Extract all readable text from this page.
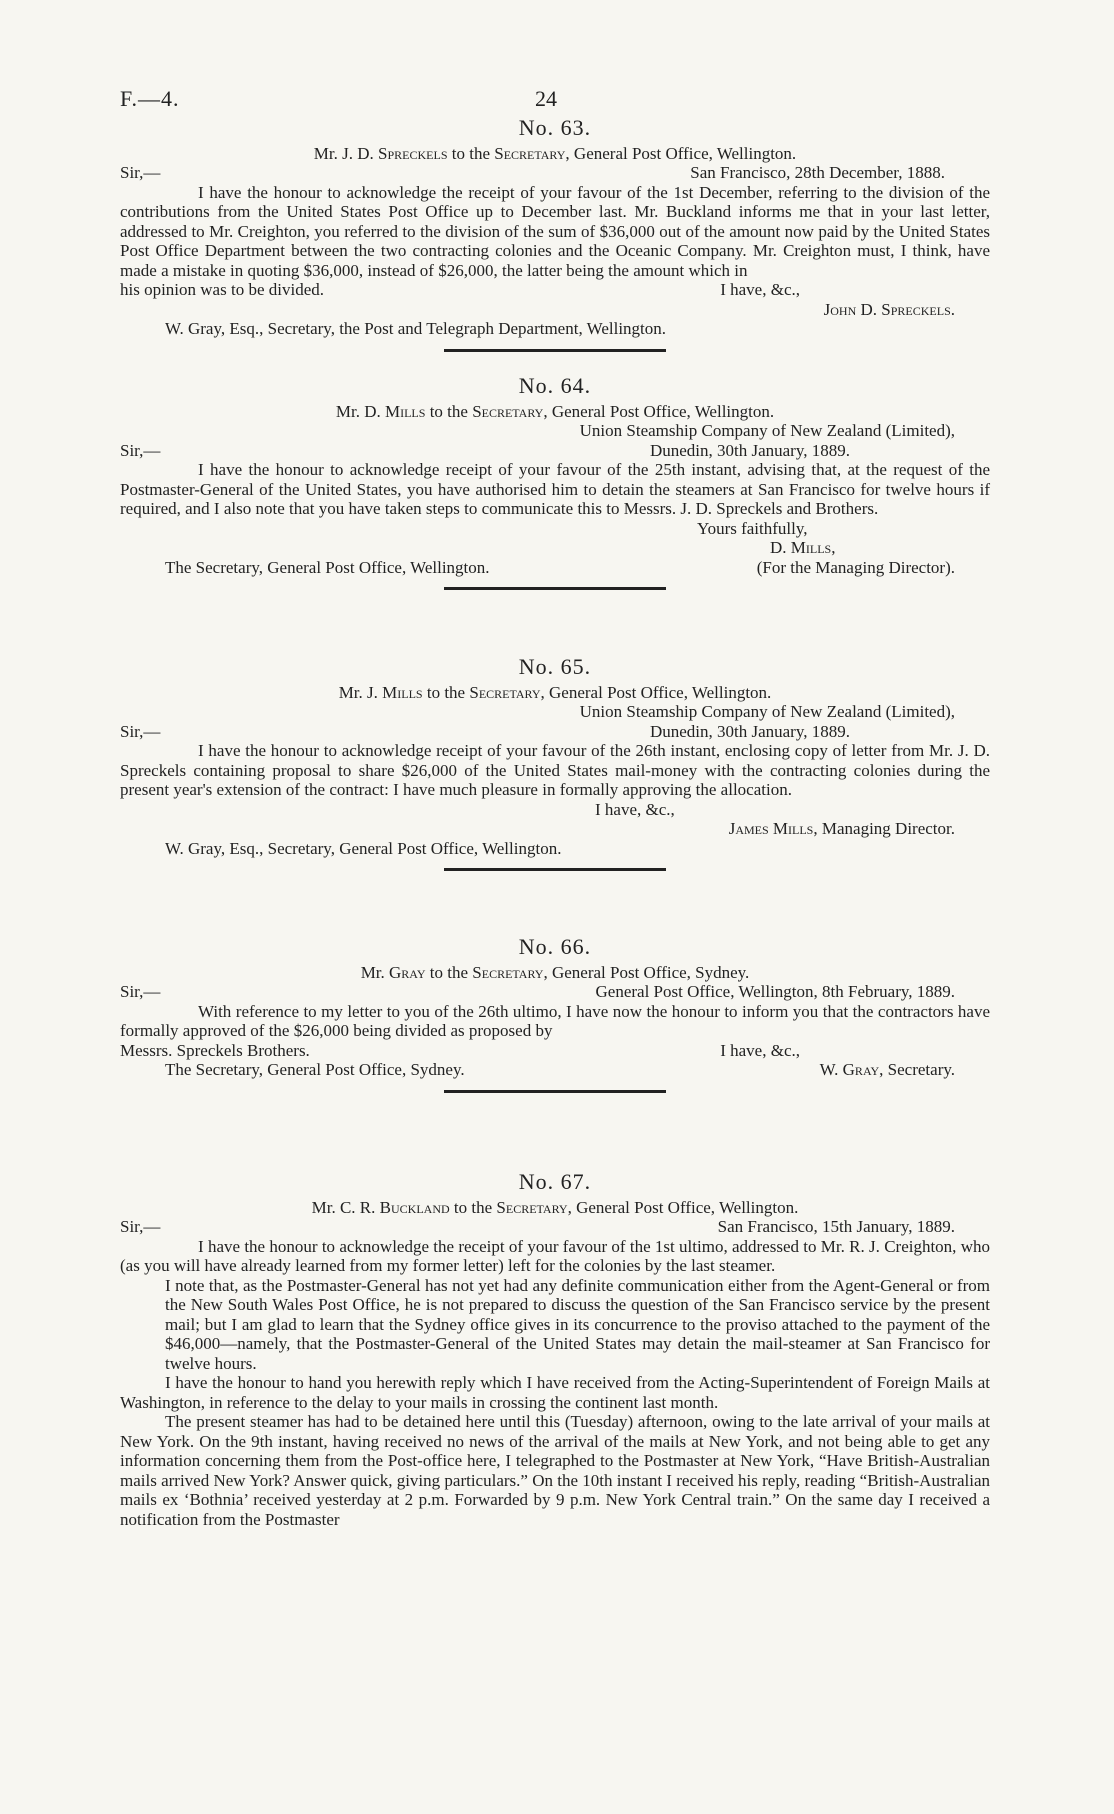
F.—4.	24
No. 63.
Mr. J. D. Spreckels to the Secretary, General Post Office, Wellington.
Sir,—	San Francisco, 28th December, 1888.

I have the honour to acknowledge the receipt of your favour of the 1st December, referring to the division of the contributions from the United States Post Office up to December last. Mr. Buckland informs me that in your last letter, addressed to Mr. Creighton, you referred to the division of the sum of $36,000 out of the amount now paid by the United States Post Office Department between the two contracting colonies and the Oceanic Company. Mr. Creighton must, I think, have made a mistake in quoting $36,000, instead of $26,000, the latter being the amount which in

his opinion was to be divided.	I have, &c.,
John D. Spreckels.
W. Gray, Esq., Secretary, the Post and Telegraph Department, Wellington.
No. 64.
Mr. D. Mills to the Secretary, General Post Office, Wellington.
Union Steamship Company of New Zealand (Limited),
Sir,—	Dunedin, 30th January, 1889.

I have the honour to acknowledge receipt of your favour of the 25th instant, advising that, at the request of the Postmaster-General of the United States, you have authorised him to detain the steamers at San Francisco for twelve hours if required, and I also note that you have taken steps to communicate this to Messrs. J. D. Spreckels and Brothers.

Yours faithfully,
D. Mills,
The Secretary, General Post Office, Wellington.	(For the Managing Director).
No. 65.
Mr. J. Mills to the Secretary, General Post Office, Wellington.
Union Steamship Company of New Zealand (Limited),
Sir,—	Dunedin, 30th January, 1889.

I have the honour to acknowledge receipt of your favour of the 26th instant, enclosing copy of letter from Mr. J. D. Spreckels containing proposal to share $26,000 of the United States mail-money with the contracting colonies during the present year's extension of the contract: I have much pleasure in formally approving the allocation.

I have, &c.,
James Mills, Managing Director.
W. Gray, Esq., Secretary, General Post Office, Wellington.
No. 66.
Mr. Gray to the Secretary, General Post Office, Sydney.
Sir,—	General Post Office, Wellington, 8th February, 1889.

With reference to my letter to you of the 26th ultimo, I have now the honour to inform you that the contractors have formally approved of the $26,000 being divided as proposed by

Messrs. Spreckels Brothers.	I have, &c.,
The Secretary, General Post Office, Sydney.	W. Gray, Secretary.
No. 67.
Mr. C. R. Buckland to the Secretary, General Post Office, Wellington.
Sir,—	San Francisco, 15th January, 1889.

I have the honour to acknowledge the receipt of your favour of the 1st ultimo, addressed to Mr. R. J. Creighton, who (as you will have already learned from my former letter) left for the colonies by the last steamer.

I note that, as the Postmaster-General has not yet had any definite communication either from the Agent-General or from the New South Wales Post Office, he is not prepared to discuss the question of the San Francisco service by the present mail; but I am glad to learn that the Sydney office gives in its concurrence to the proviso attached to the payment of the $46,000—namely, that the Postmaster-General of the United States may detain the mail-steamer at San Francisco for twelve hours.

I have the honour to hand you herewith reply which I have received from the Acting-Superintendent of Foreign Mails at Washington, in reference to the delay to your mails in crossing the continent last month.

The present steamer has had to be detained here until this (Tuesday) afternoon, owing to the late arrival of your mails at New York. On the 9th instant, having received no news of the arrival of the mails at New York, and not being able to get any information concerning them from the Post-office here, I telegraphed to the Postmaster at New York, “Have British-Australian mails arrived New York? Answer quick, giving particulars.” On the 10th instant I received his reply, reading “British-Australian mails ex ‘Bothnia’ received yesterday at 2 p.m. Forwarded by 9 p.m. New York Central train.” On the same day I received a notification from the Postmaster
